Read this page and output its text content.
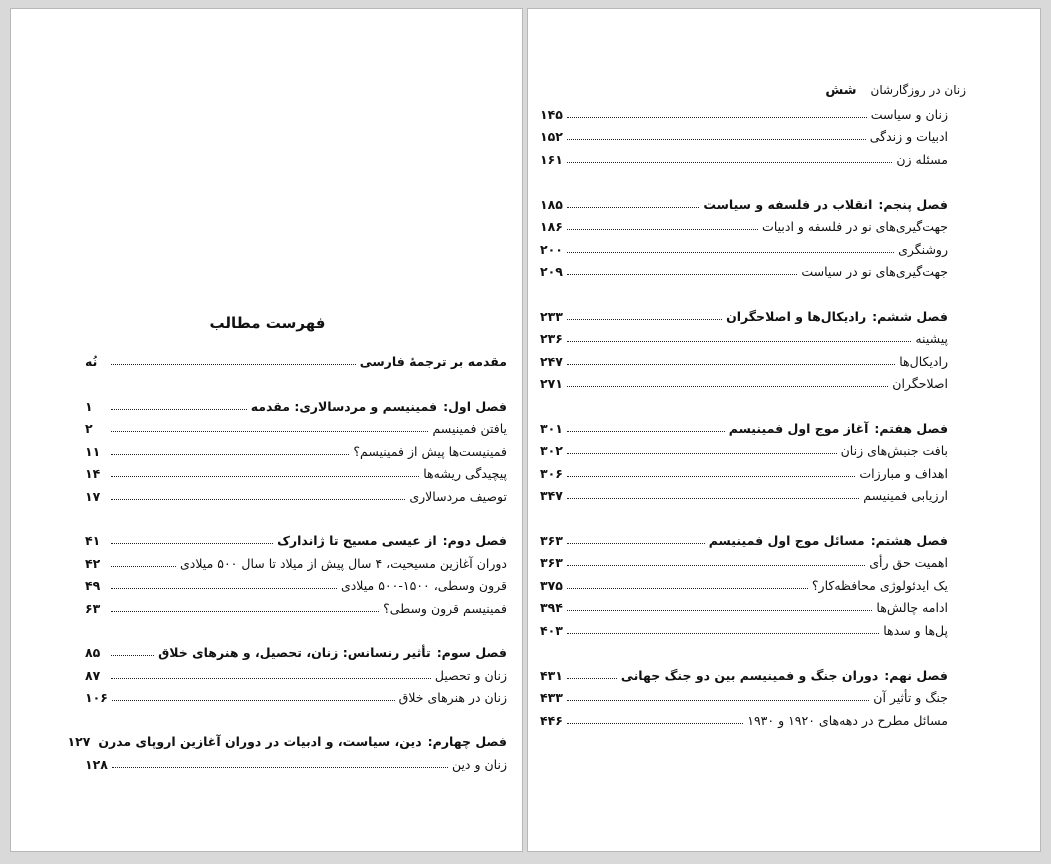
فهرست مطالب
مقدمه بر ترجمهٔ فارسی
نُه
فصل اول:فمینیسم و مردسالاری: مقدمه
۱
یافتن فمینیسم
۲
فمینیست‌ها پیش از فمینیسم؟
۱۱
پیچیدگی ریشه‌ها
۱۴
توصیف مردسالاری
۱۷
فصل دوم:از عیسی مسیح تا ژاندارک
۴۱
دوران آغازین مسیحیت، ۴ سال پیش از میلاد تا سال ۵۰۰ میلادی
۴۲
قرون وسطی، ۱۵۰۰-۵۰۰ میلادی
۴۹
فمینیسم قرون وسطی؟
۶۳
فصل سوم:تأثیر رنسانس: زنان، تحصیل، و هنرهای خلاق
۸۵
زنان و تحصیل
۸۷
زنان در هنرهای خلاق
۱۰۶
فصل چهارم:دین، سیاست، و ادبیات در دوران آغازین اروپای مدرن
۱۲۷
زنان و دین
۱۲۸
شش زنان در روزگارشان
زنان و سیاست
۱۴۵
ادبیات و زندگی
۱۵۲
مسئله زن
۱۶۱
فصل پنجم:انقلاب در فلسفه و سیاست
۱۸۵
جهت‌گیری‌های نو در فلسفه و ادبیات
۱۸۶
روشنگری
۲۰۰
جهت‌گیری‌های نو در سیاست
۲۰۹
فصل ششم:رادیکال‌ها و اصلاحگران
۲۳۳
پیشینه
۲۳۶
رادیکال‌ها
۲۴۷
اصلاحگران
۲۷۱
فصل هفتم:آغاز موج اول فمینیسم
۳۰۱
بافت جنبش‌های زنان
۳۰۲
اهداف و مبارزات
۳۰۶
ارزیابی فمینیسم
۳۴۷
فصل هشتم:مسائل موج اول فمینیسم
۳۶۳
اهمیت حق رأی
۳۶۳
یک ایدئولوژی محافظه‌کار؟
۳۷۵
ادامه چالش‌ها
۳۹۴
پل‌ها و سدها
۴۰۳
فصل نهم:دوران جنگ و فمینیسم بین دو جنگ جهانی
۴۳۱
جنگ و تأثیر آن
۴۳۳
مسائل مطرح در دهه‌های ۱۹۲۰ و ۱۹۳۰
۴۴۶
